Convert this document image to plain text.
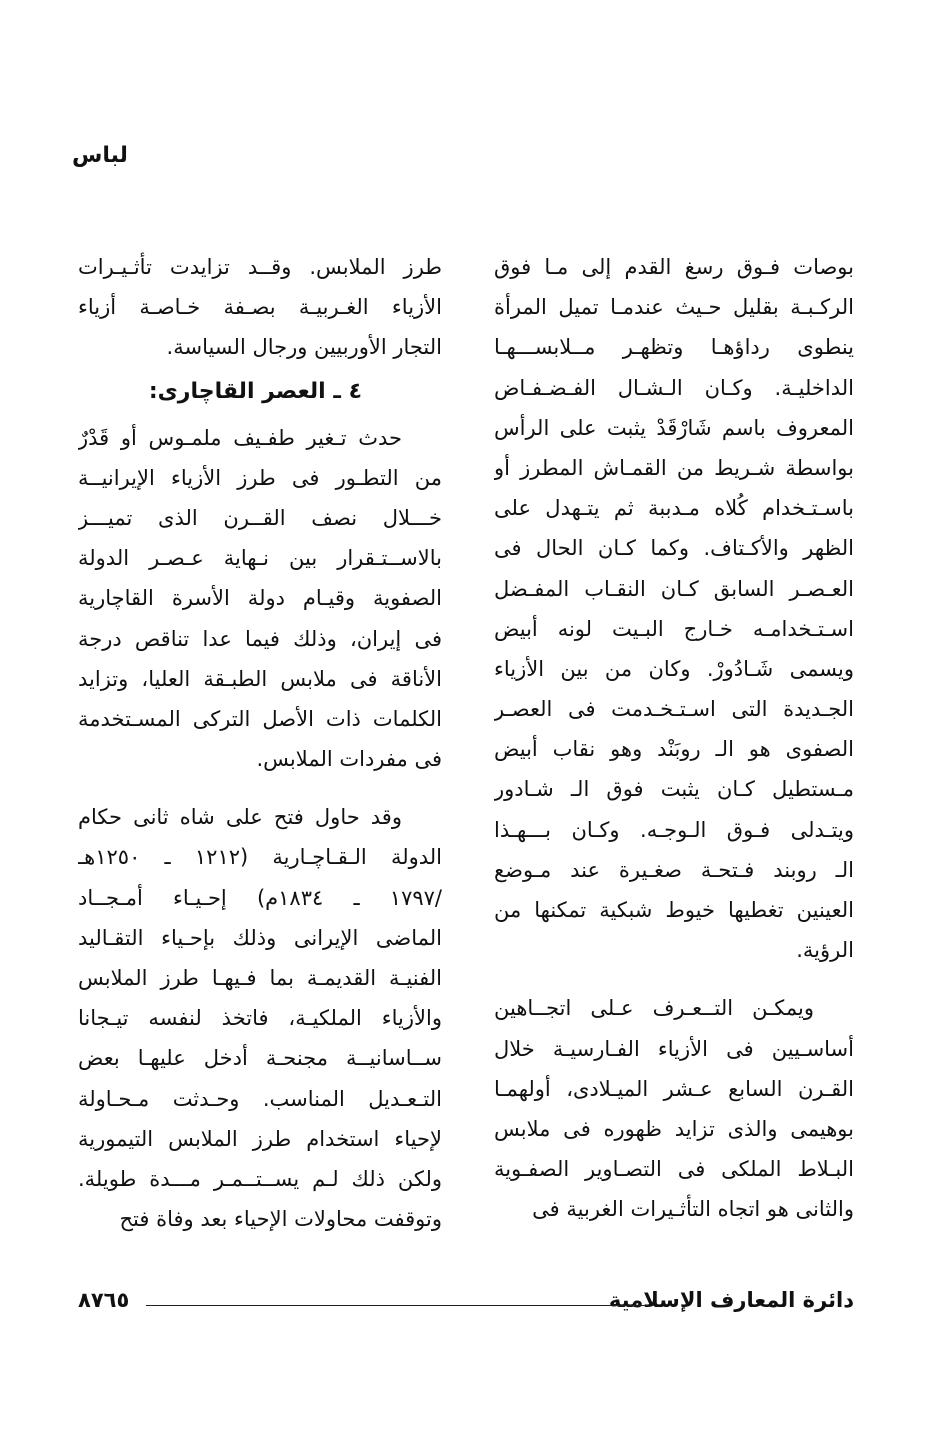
لباس
بوصات فـوق رسغ القدم إلى مـا فوق
الركـبـة بقليل حـيث عندمـا تميل المرأة
ينطوى رداؤهـا وتظهـر مــلابســـهـا
الداخليـة. وكـان الـشـال الفـضـفـاض
المعروف باسم شَارْقَدْ يثبت على الرأس
بواسطة شـريط من القمـاش المطرز أو
باسـتـخدام كُلاه مـدببة ثم يتـهدل على
الظهر والأكـتاف. وكما كـان الحال فى
العـصـر السابق كـان النقـاب المفـضل
اسـتـخدامـه خـارج البـيت لونه أبيض
ويسمى شَـادُورْ. وكان من بين الأزياء
الجـديدة التى اسـتـخـدمت فى العصـر
الصفوى هو الـ روبَنْد وهو نقاب أبيض
مـستطيل كـان يثبت فوق الـ شـادور
ويتـدلى فـوق الـوجـه. وكـان بـــهـذا
الـ روبند فـتحـة صغـيرة عند مـوضع
العينين تغطيها خيوط شبكية تمكنها من
الرؤية.
ويمكـن التــعـرف عـلى اتجــاهين
أساسـيين فى الأزياء الفـارسيـة خلال
القـرن السابع عـشر الميـلادى، أولهمـا
بوهيمى والذى تزايد ظهوره فى ملابس
البـلاط الملكى فى التصـاوير الصفـوية
والثانى هو اتجاه التأثـيرات الغربية فى
طرز الملابس. وقــد تزايدت تأثـيـرات
الأزياء الغـربيـة بصـفة خـاصـة أزياء
التجار الأوربيين ورجال السياسة.
٤ ـ العصر القاچارى:
حدث تـغير طفـيف ملمـوس أو قَدْرٌ
من التطـور فى طرز الأزياء الإيرانيــة
خـــلال نصف القــرن الذى تميـــز
بالاســتـقرار بين نـهاية عـصـر الدولة
الصفوية وقيـام دولة الأسرة القاچارية
فى إيران، وذلك فيما عدا تناقص درجة
الأناقة فى ملابس الطبـقة العليا، وتزايد
الكلمات ذات الأصل التركى المسـتخدمة
فى مفردات الملابس.
وقد حاول فتح على شاه ثانى حكام
الدولة الـقـاچـارية (١٢١٢ ـ ١٢٥٠هـ
/١٧٩٧ ـ ١٨٣٤م) إحـيـاء أمـجــاد
الماضى الإيرانى وذلك بإحـياء التقـاليد
الفنيـة القديمـة بما فـيهـا طرز الملابس
والأزياء الملكيـة، فاتخذ لنفسه تيـجانا
ســاسانيــة مجنحـة أدخل عليهـا بعض
التـعـديل المناسب. وحـدثت مـحـاولة
لإحياء استخدام طرز الملابس التيمورية
ولكن ذلك لـم يســتــمـر مـــدة طويلة.
وتوقفت محاولات الإحياء بعد وفاة فتح
دائرة المعارف الإسلامية
٨٧٦٥
